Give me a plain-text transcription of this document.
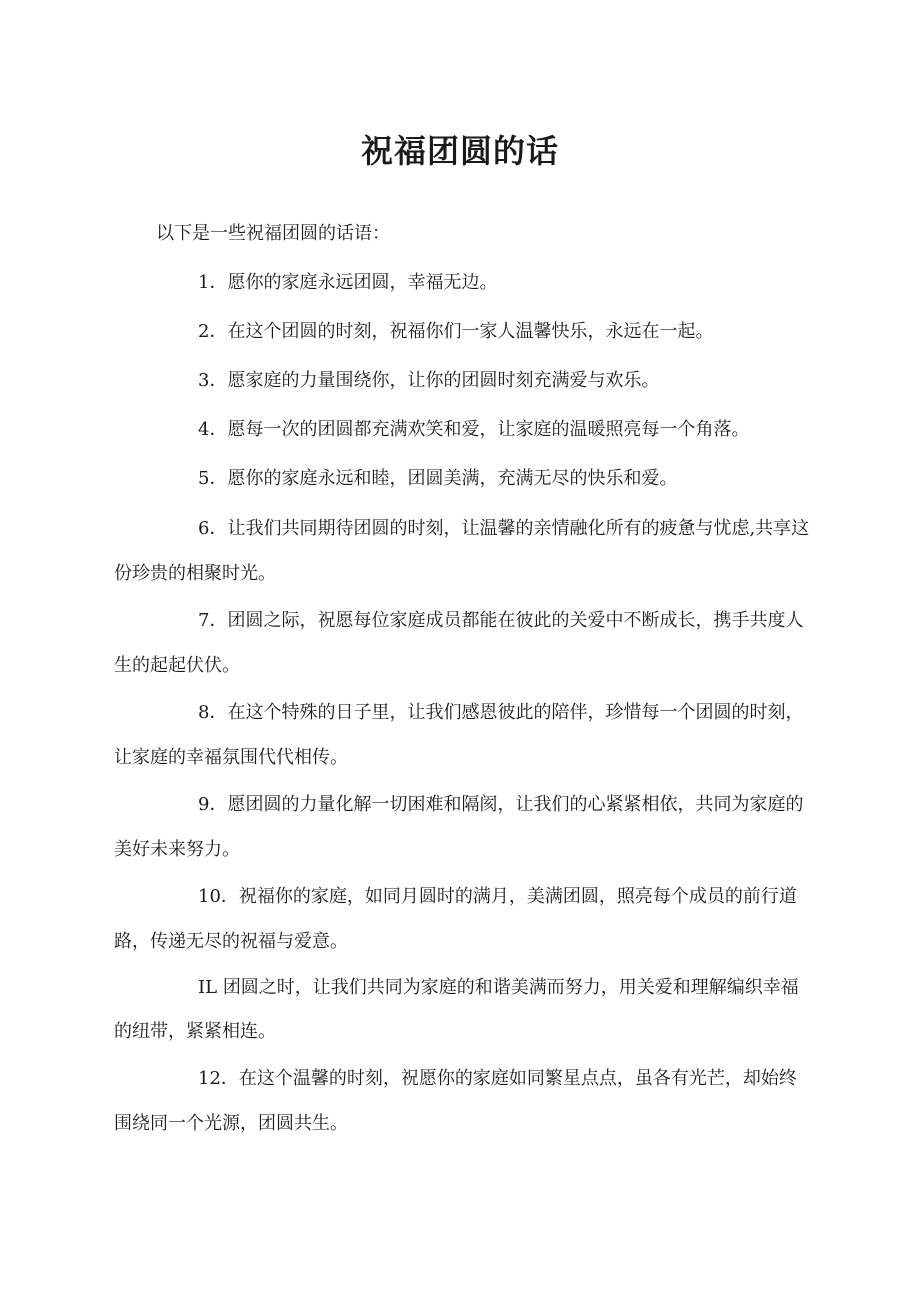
祝福团圆的话

以下是一些祝福团圆的话语：

1．愿你的家庭永远团圆，幸福无边。

2．在这个团圆的时刻，祝福你们一家人温馨快乐，永远在一起。

3．愿家庭的力量围绕你，让你的团圆时刻充满爱与欢乐。

4．愿每一次的团圆都充满欢笑和爱，让家庭的温暖照亮每一个角落。

5．愿你的家庭永远和睦，团圆美满，充满无尽的快乐和爱。

6．让我们共同期待团圆的时刻，让温馨的亲情融化所有的疲惫与忧虑,共享这份珍贵的相聚时光。

7．团圆之际，祝愿每位家庭成员都能在彼此的关爱中不断成长，携手共度人生的起起伏伏。

8．在这个特殊的日子里，让我们感恩彼此的陪伴，珍惜每一个团圆的时刻，让家庭的幸福氛围代代相传。

9．愿团圆的力量化解一切困难和隔阂，让我们的心紧紧相依，共同为家庭的美好未来努力。

10．祝福你的家庭，如同月圆时的满月，美满团圆，照亮每个成员的前行道路，传递无尽的祝福与爱意。

IL 团圆之时，让我们共同为家庭的和谐美满而努力，用关爱和理解编织幸福的纽带，紧紧相连。

12．在这个温馨的时刻，祝愿你的家庭如同繁星点点，虽各有光芒，却始终围绕同一个光源，团圆共生。
